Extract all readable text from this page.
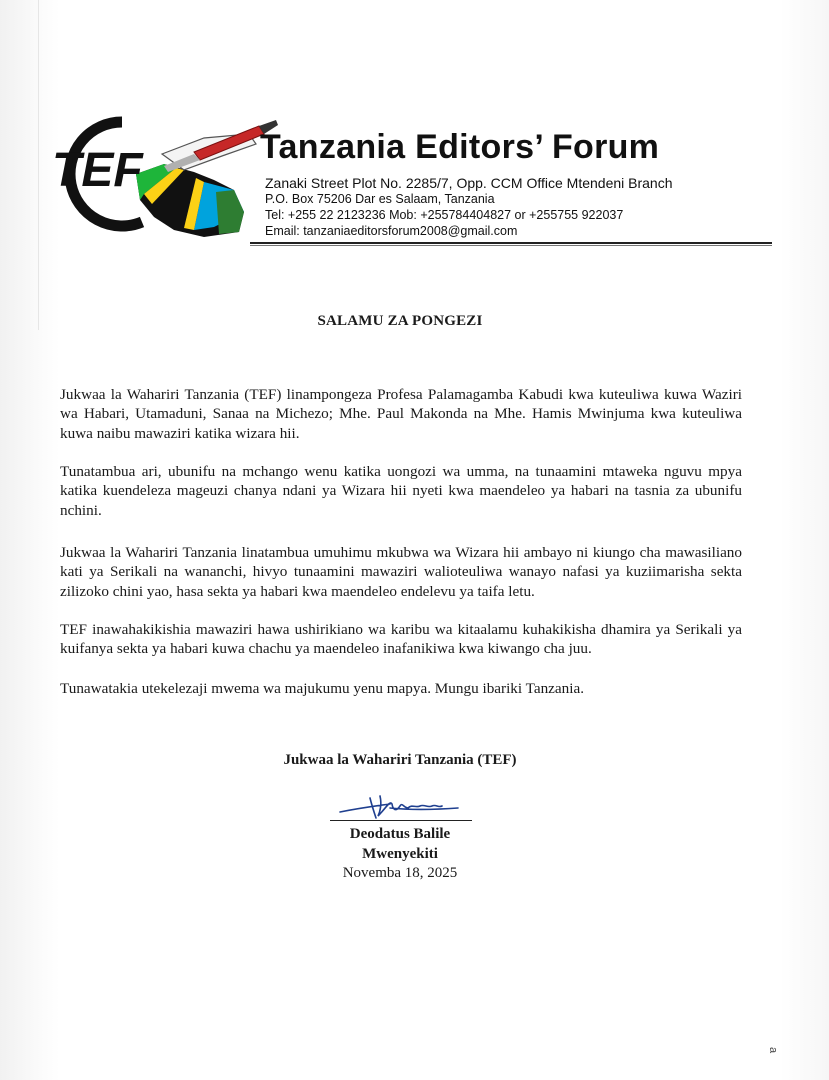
TEF	Tanzania Editors’ Forum
Zanaki Street Plot No. 2285/7, Opp. CCM Office Mtendeni Branch
P.O. Box 75206 Dar es Salaam, Tanzania
Tel: +255 22 2123236 Mob: +255784404827 or +255755 922037
Email: tanzaniaeditorsforum2008@gmail.com
SALAMU ZA PONGEZI

Jukwaa la Wahariri Tanzania (TEF) linampongeza Profesa Palamagamba Kabudi kwa kuteuliwa kuwa Waziri wa Habari, Utamaduni, Sanaa na Michezo; Mhe. Paul Makonda na Mhe. Hamis Mwinjuma kwa kuteuliwa kuwa naibu mawaziri katika wizara hii.

Tunatambua ari, ubunifu na mchango wenu katika uongozi wa umma, na tunaamini mtaweka nguvu mpya katika kuendeleza mageuzi chanya ndani ya Wizara hii nyeti kwa maendeleo ya habari na tasnia za ubunifu nchini.

Jukwaa la Wahariri Tanzania linatambua umuhimu mkubwa wa Wizara hii ambayo ni kiungo cha mawasiliano kati ya Serikali na wananchi, hivyo tunaamini mawaziri walioteuliwa wanayo nafasi ya kuziimarisha sekta zilizoko chini yao, hasa sekta ya habari kwa maendeleo endelevu ya taifa letu.

TEF inawahakikishia mawaziri hawa ushirikiano wa karibu wa kitaalamu kuhakikisha dhamira ya Serikali ya kuifanya sekta ya habari kuwa chachu ya maendeleo inafanikiwa kwa kiwango cha juu.

Tunawatakia utekelezaji mwema wa majukumu yenu mapya. Mungu ibariki Tanzania.

Jukwaa la Wahariri Tanzania (TEF)
Deodatus Balile
Mwenyekiti
Novemba 18, 2025
a
